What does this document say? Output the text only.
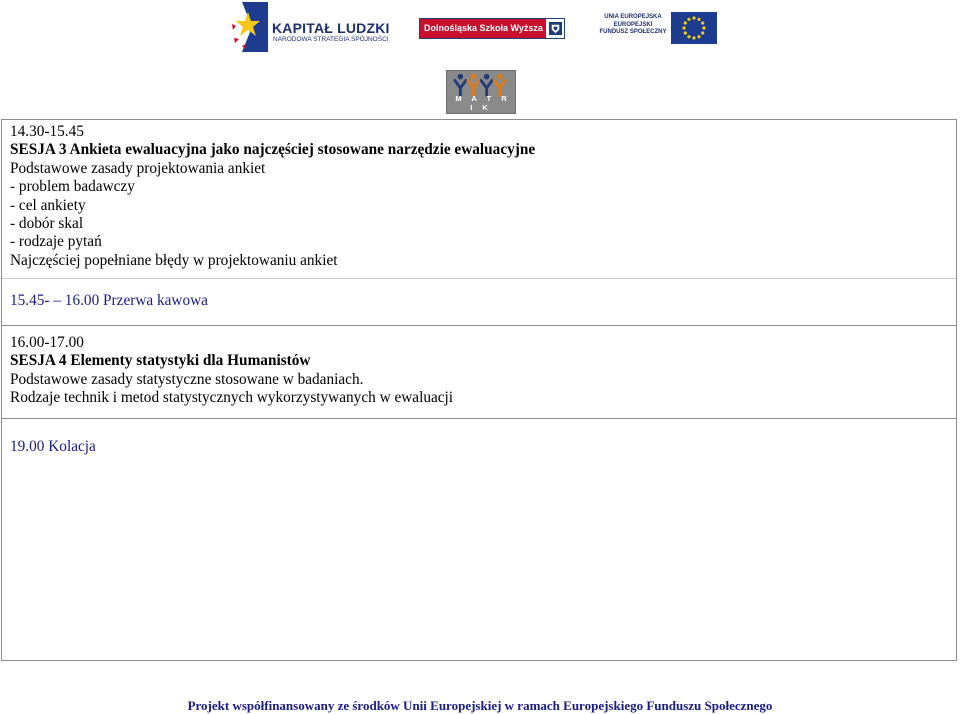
KAPITAŁ LUDZKI
NARODOWA STRATEGIA SPÓJNOŚCI
Dolnośląska Szkoła Wyższa
UNIA EUROPEJSKA
EUROPEJSKI
FUNDUSZ SPOŁECZNY
M A T R I K
14.30-15.45
SESJA 3 Ankieta ewaluacyjna jako najczęściej stosowane narzędzie ewaluacyjne
Podstawowe zasady projektowania ankiet
- problem badawczy
- cel ankiety
- dobór skal
- rodzaje pytań
Najczęściej popełniane błędy w projektowaniu ankiet
15.45- – 16.00 Przerwa kawowa
16.00-17.00
SESJA 4 Elementy statystyki dla Humanistów
Podstawowe zasady statystyczne stosowane w badaniach.
Rodzaje technik i metod statystycznych wykorzystywanych w ewaluacji
19.00 Kolacja
Projekt współfinansowany ze środków Unii Europejskiej w ramach Europejskiego Funduszu Społecznego
